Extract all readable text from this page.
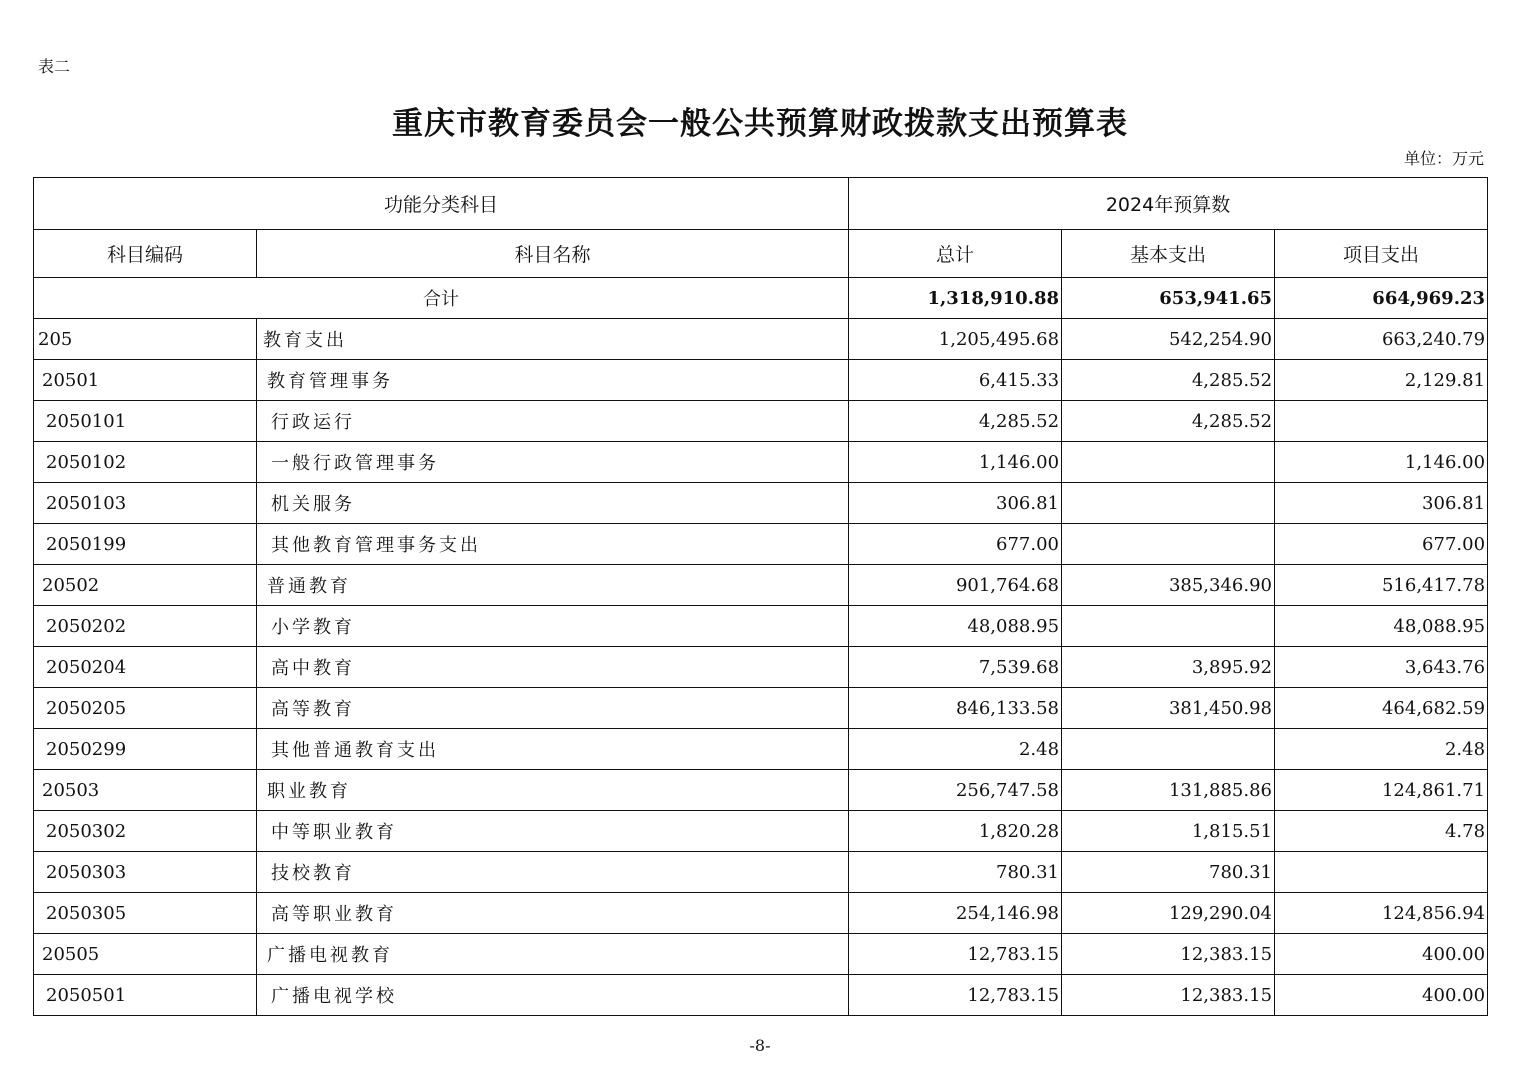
表二
重庆市教育委员会一般公共预算财政拨款支出预算表
单位：万元
功能分类科目		2024年预算数		
科目编码	科目名称	总计	基本支出	项目支出
合计		1,318,910.88	653,941.65	664,969.23
205	教育支出	1,205,495.68	542,254.90	663,240.79
20501	教育管理事务	6,415.33	4,285.52	2,129.81
2050101	行政运行	4,285.52	4,285.52	
2050102	一般行政管理事务	1,146.00		1,146.00
2050103	机关服务	306.81		306.81
2050199	其他教育管理事务支出	677.00		677.00
20502	普通教育	901,764.68	385,346.90	516,417.78
2050202	小学教育	48,088.95		48,088.95
2050204	高中教育	7,539.68	3,895.92	3,643.76
2050205	高等教育	846,133.58	381,450.98	464,682.59
2050299	其他普通教育支出	2.48		2.48
20503	职业教育	256,747.58	131,885.86	124,861.71
2050302	中等职业教育	1,820.28	1,815.51	4.78
2050303	技校教育	780.31	780.31	
2050305	高等职业教育	254,146.98	129,290.04	124,856.94
20505	广播电视教育	12,783.15	12,383.15	400.00
2050501	广播电视学校	12,783.15	12,383.15	400.00
-8-
